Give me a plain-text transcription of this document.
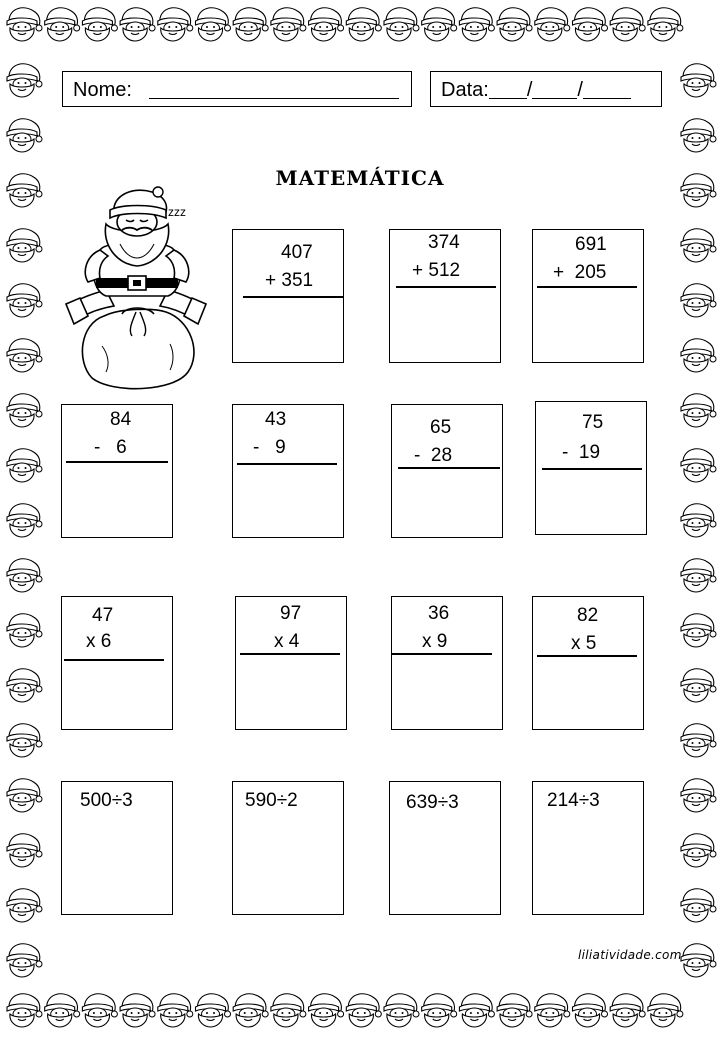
Nome:	Data: / /
MATEMÁTICA
zzz
407
+ 351
374
+ 512
691
+  205
84
-   6
43
-   9
65
-  28
75
-  19
47
x 6
97
x 4
36
x 9
82
x 5
500÷3	590÷2	639÷3	214÷3
liliatividade.com
